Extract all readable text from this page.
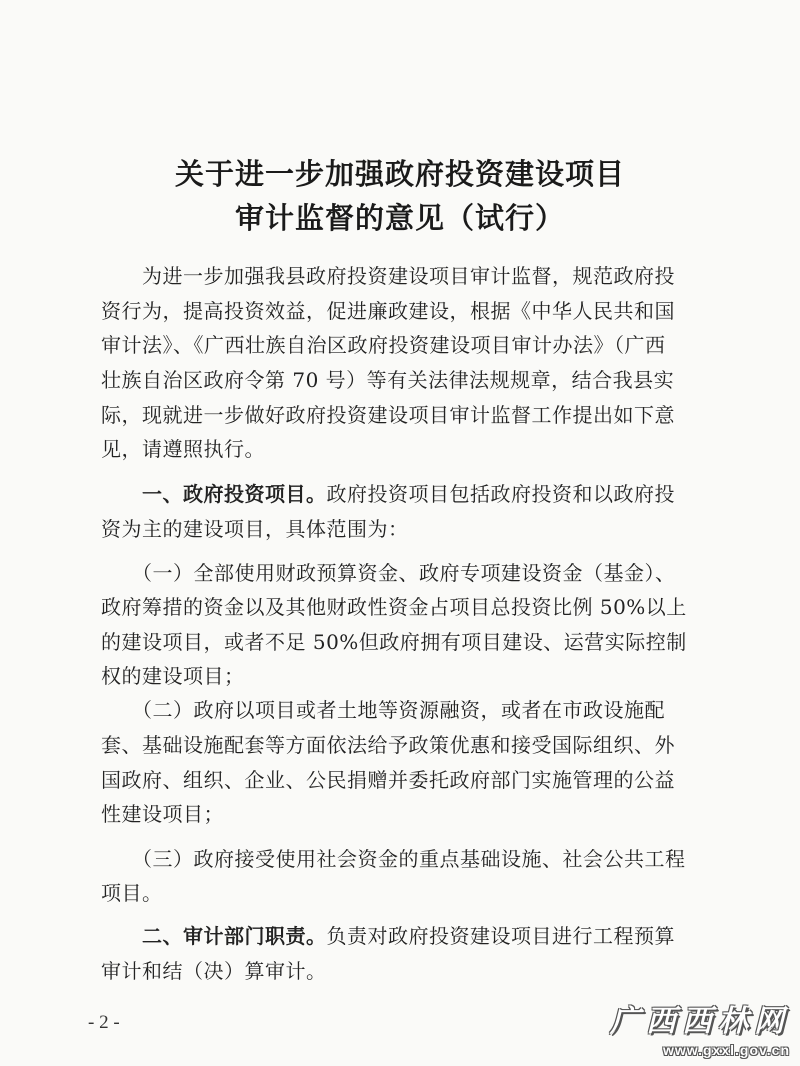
关于进一步加强政府投资建设项目
审计监督的意见（试行）
　　为进一步加强我县政府投资建设项目审计监督，规范政府投
资行为，提高投资效益，促进廉政建设，根据《中华人民共和国
审计法》、《广西壮族自治区政府投资建设项目审计办法》（广西
壮族自治区政府令第 70 号）等有关法律法规规章，结合我县实
际，现就进一步做好政府投资建设项目审计监督工作提出如下意
见，请遵照执行。
　　一、政府投资项目。政府投资项目包括政府投资和以政府投
资为主的建设项目，具体范围为：
　　（一）全部使用财政预算资金、政府专项建设资金（基金）、
政府筹措的资金以及其他财政性资金占项目总投资比例 50%以上
的建设项目，或者不足 50%但政府拥有项目建设、运营实际控制
权的建设项目；
　　（二）政府以项目或者土地等资源融资，或者在市政设施配
套、基础设施配套等方面依法给予政策优惠和接受国际组织、外
国政府、组织、企业、公民捐赠并委托政府部门实施管理的公益
性建设项目；
　　（三）政府接受使用社会资金的重点基础设施、社会公共工程
项目。
　　二、审计部门职责。负责对政府投资建设项目进行工程预算
审计和结（决）算审计。
- 2 -	广西西林网
www.gxxl.gov.cn
